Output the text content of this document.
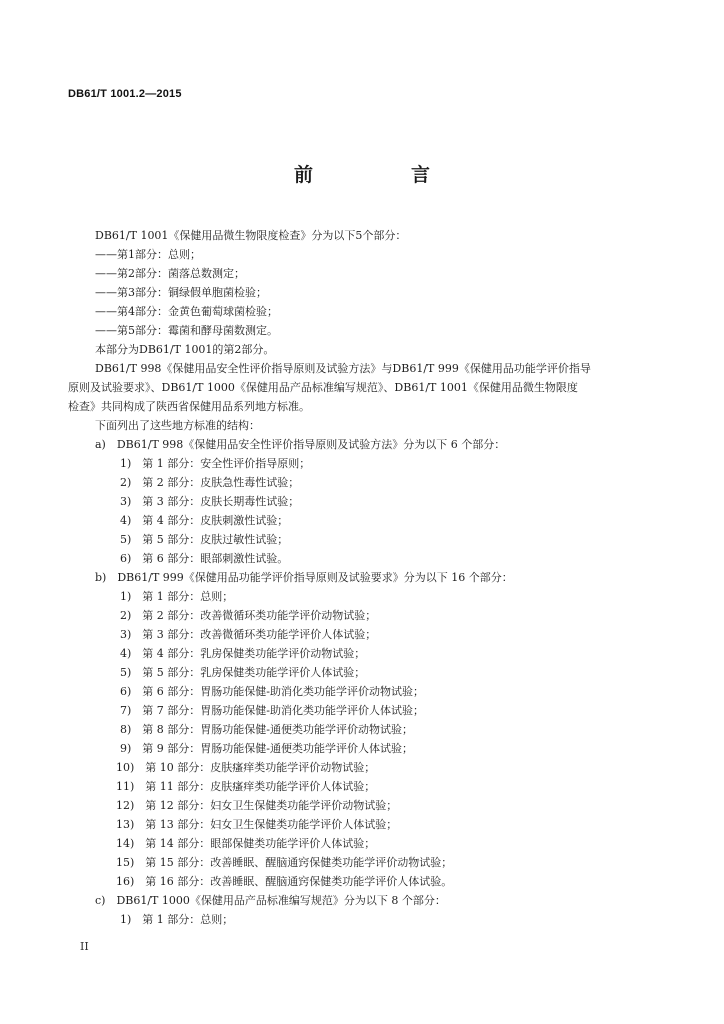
DB61/T 1001.2—2015
前　　言
DB61/T 1001《保健用品微生物限度检查》分为以下5个部分：
——第1部分：总则；
——第2部分：菌落总数测定；
——第3部分：铜绿假单胞菌检验；
——第4部分：金黄色葡萄球菌检验；
——第5部分：霉菌和酵母菌数测定。
本部分为DB61/T 1001的第2部分。
DB61/T 998《保健用品安全性评价指导原则及试验方法》与DB61/T 999《保健用品功能学评价指导
原则及试验要求》、DB61/T 1000《保健用品产品标准编写规范》、DB61/T 1001《保健用品微生物限度
检查》共同构成了陕西省保健用品系列地方标准。
下面列出了这些地方标准的结构：
a)　DB61/T 998《保健用品安全性评价指导原则及试验方法》分为以下 6 个部分：
1)　第 1 部分：安全性评价指导原则；
2)　第 2 部分：皮肤急性毒性试验；
3)　第 3 部分：皮肤长期毒性试验；
4)　第 4 部分：皮肤刺激性试验；
5)　第 5 部分：皮肤过敏性试验；
6)　第 6 部分：眼部刺激性试验。
b)　DB61/T 999《保健用品功能学评价指导原则及试验要求》分为以下 16 个部分：
1)　第 1 部分：总则；
2)　第 2 部分：改善微循环类功能学评价动物试验；
3)　第 3 部分：改善微循环类功能学评价人体试验；
4)　第 4 部分：乳房保健类功能学评价动物试验；
5)　第 5 部分：乳房保健类功能学评价人体试验；
6)　第 6 部分：胃肠功能保健-助消化类功能学评价动物试验；
7)　第 7 部分：胃肠功能保健-助消化类功能学评价人体试验；
8)　第 8 部分：胃肠功能保健-通便类功能学评价动物试验；
9)　第 9 部分：胃肠功能保健-通便类功能学评价人体试验；
10)　第 10 部分：皮肤瘙痒类功能学评价动物试验；
11)　第 11 部分：皮肤瘙痒类功能学评价人体试验；
12)　第 12 部分：妇女卫生保健类功能学评价动物试验；
13)　第 13 部分：妇女卫生保健类功能学评价人体试验；
14)　第 14 部分：眼部保健类功能学评价人体试验；
15)　第 15 部分：改善睡眠、醒脑通窍保健类功能学评价动物试验；
16)　第 16 部分：改善睡眠、醒脑通窍保健类功能学评价人体试验。
c)　DB61/T 1000《保健用品产品标准编写规范》分为以下 8 个部分：
1)　第 1 部分：总则；
II
